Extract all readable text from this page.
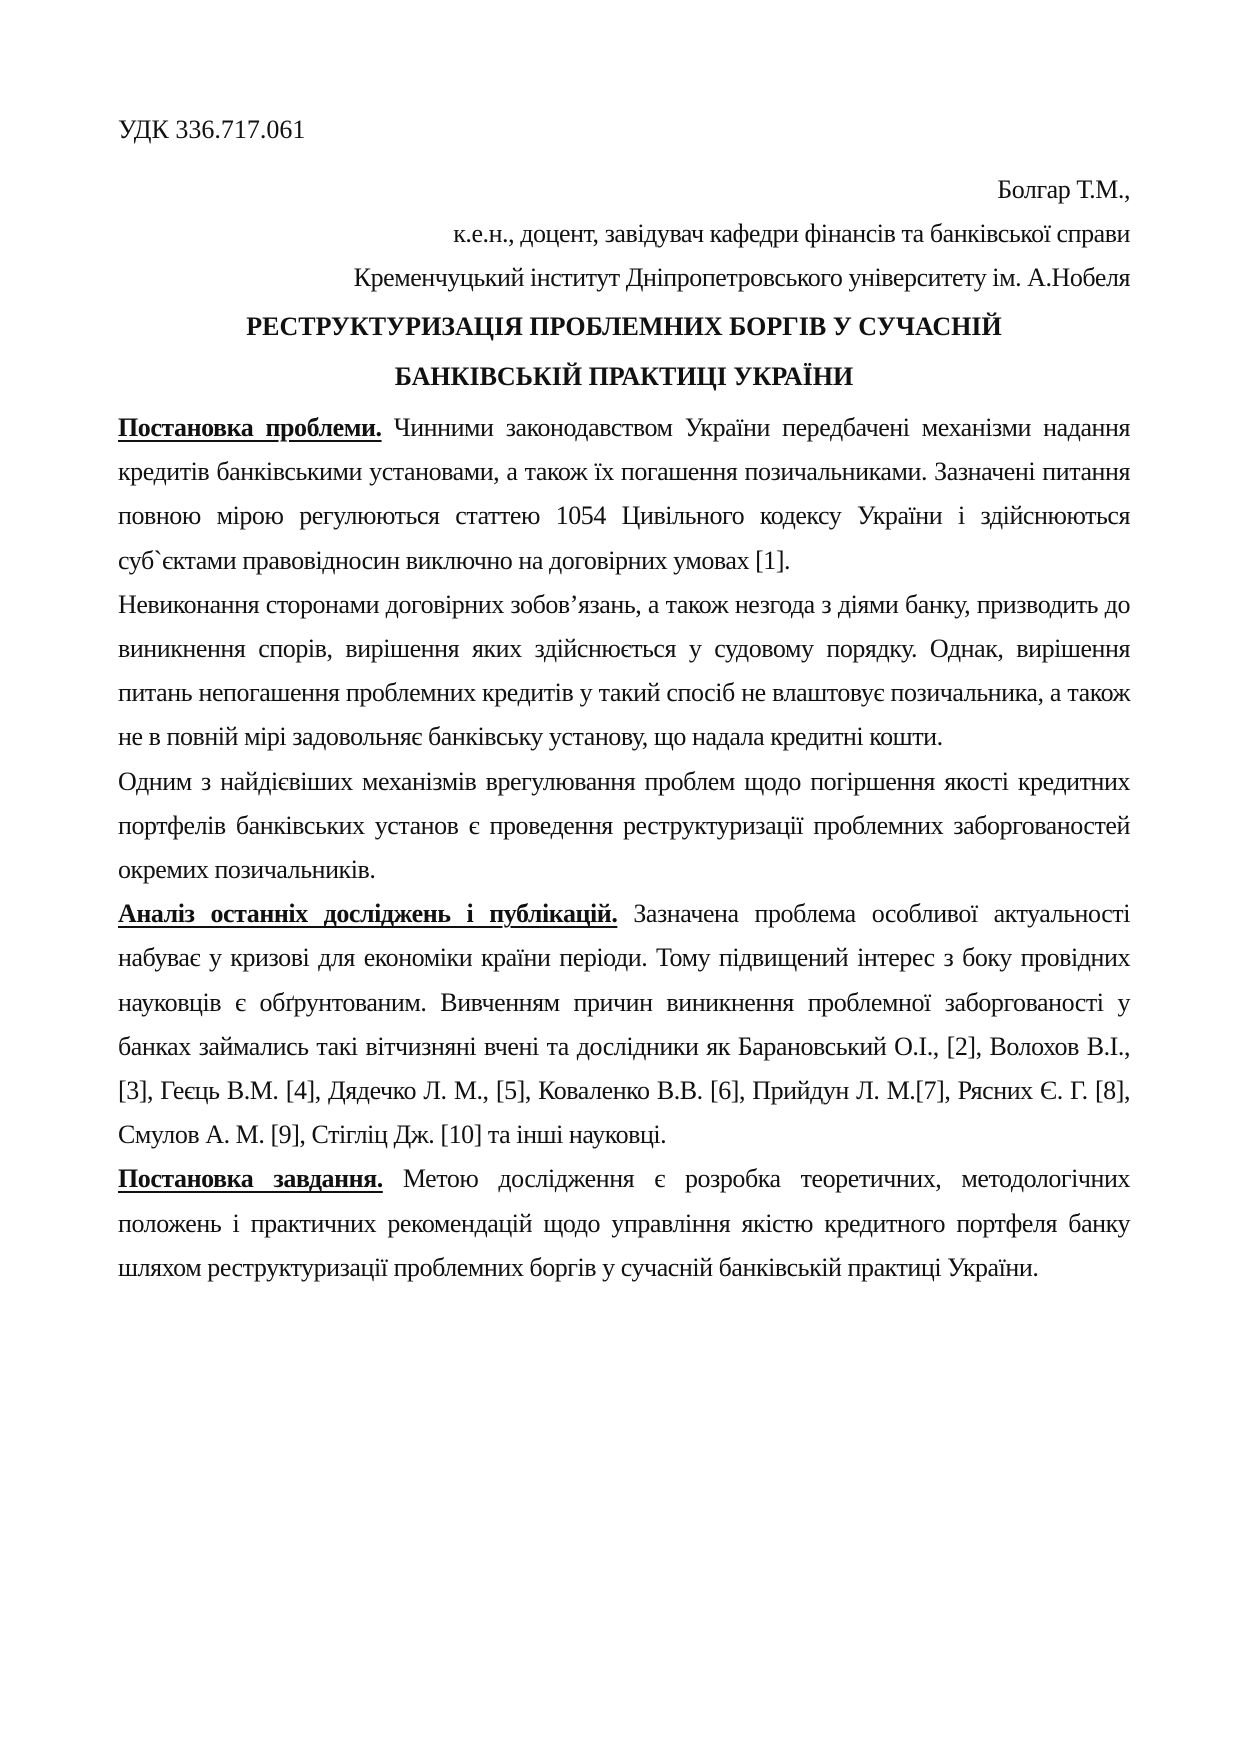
УДК 336.717.061
Болгар Т.М.,
к.е.н., доцент, завідувач кафедри фінансів та банківської справи
Кременчуцький інститут Дніпропетровського університету ім. А.Нобеля
РЕСТРУКТУРИЗАЦІЯ ПРОБЛЕМНИХ БОРГІВ У СУЧАСНІЙ
БАНКІВСЬКІЙ ПРАКТИЦІ УКРАЇНИ

Постановка проблеми. Чинними законодавством України передбачені механізми надання кредитів банківськими установами, а також їх погашення позичальниками. Зазначені питання повною мірою регулюються статтею 1054 Цивільного кодексу України і здійснюються суб`єктами правовідносин виключно на договірних умовах [1].

Невиконання сторонами договірних зобов’язань, а також незгода з діями банку, призводить до виникнення спорів, вирішення яких здійснюється у судовому порядку. Однак, вирішення питань непогашення проблемних кредитів у такий спосіб не влаштовує позичальника, а також не в повній мірі задовольняє банківську установу, що надала кредитні кошти.

Одним з найдієвіших механізмів врегулювання проблем щодо погіршення якості кредитних портфелів банківських установ є проведення реструктуризації проблемних заборгованостей окремих позичальників.

Аналіз останніх досліджень і публікацій. Зазначена проблема особливої актуальності набуває у кризові для економіки країни періоди. Тому підвищений інтерес з боку провідних науковців є обґрунтованим. Вивченням причин виникнення проблемної заборгованості у банках займались такі вітчизняні вчені та дослідники як Барановський О.І., [2], Волохов В.І., [3], Геєць В.М. [4], Дядечко Л. М., [5], Коваленко В.В. [6], Прийдун Л. М.[7], Рясних Є. Г. [8], Смулов А. М. [9], Стігліц Дж. [10] та інші науковці.

Постановка завдання. Метою дослідження є розробка теоретичних, методологічних положень і практичних рекомендацій щодо управління якістю кредитного портфеля банку шляхом реструктуризації проблемних боргів у сучасній банківській практиці України.
